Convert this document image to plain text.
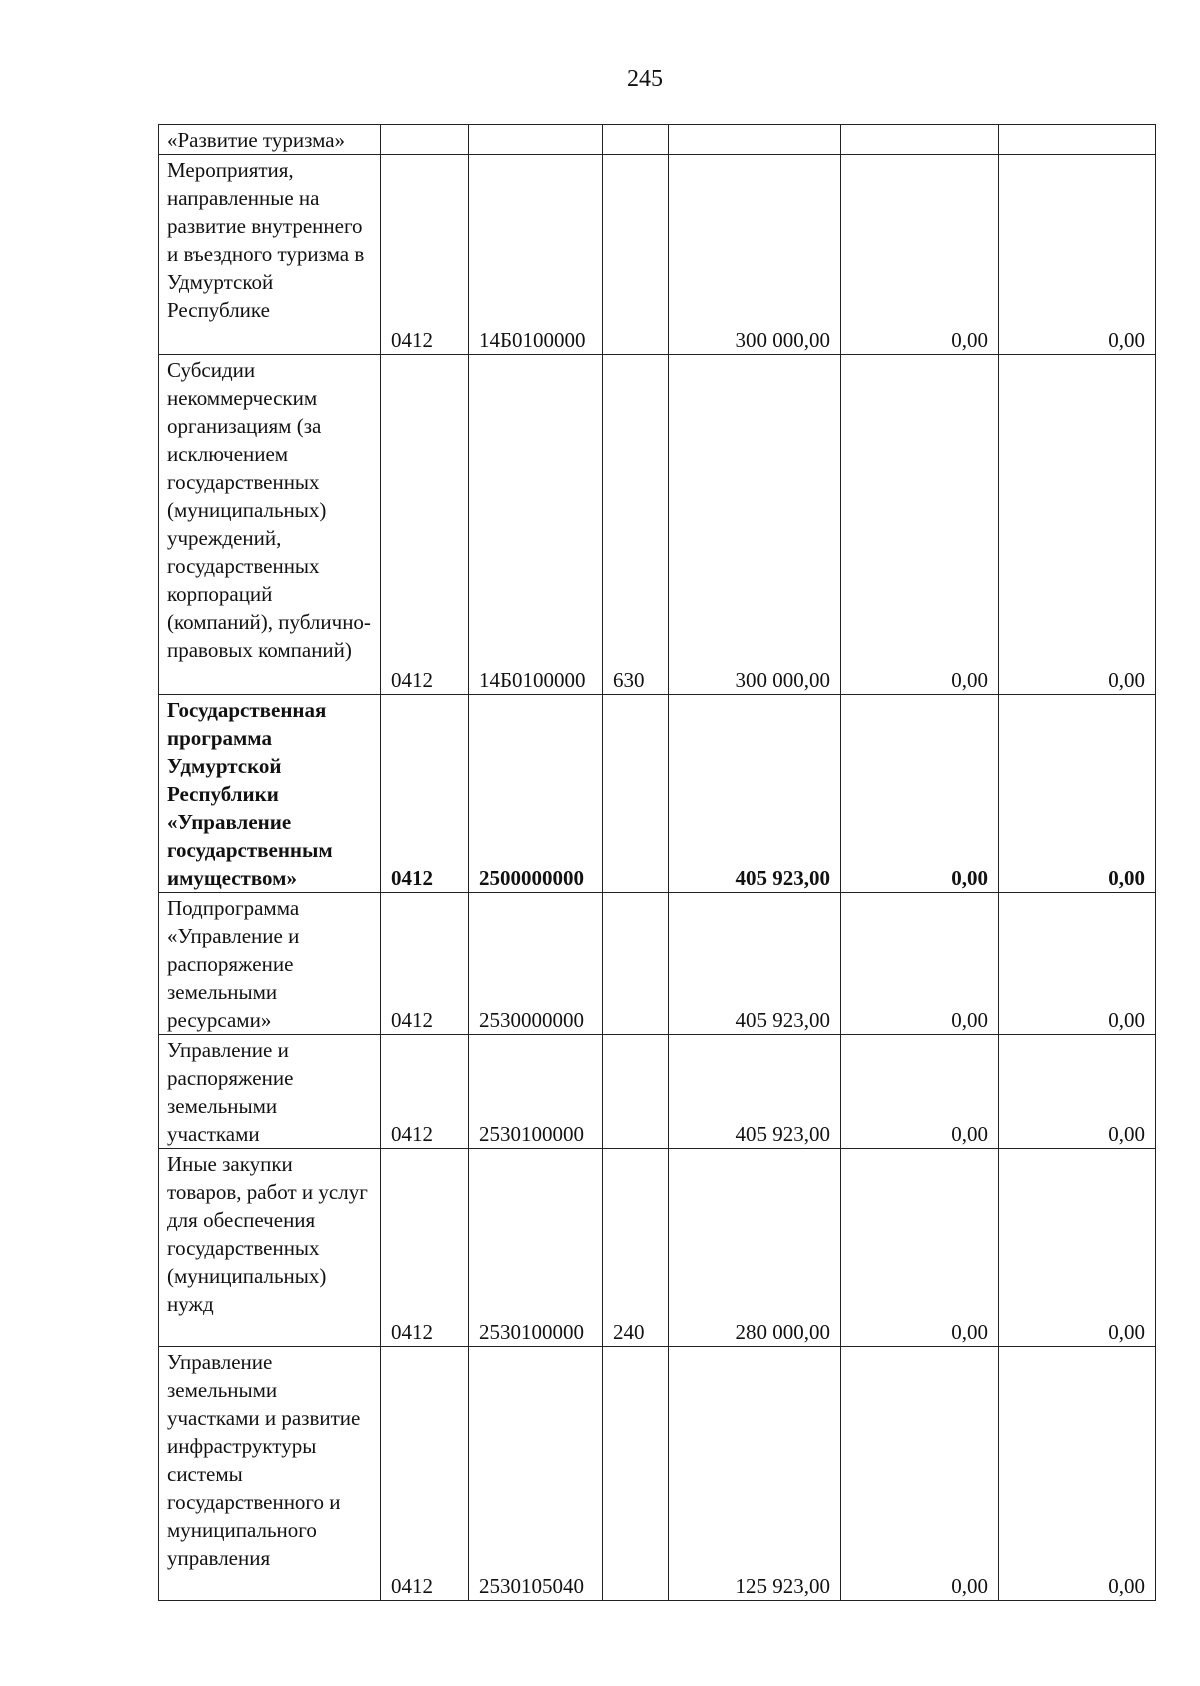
245
«Развитие туризма»						
Мероприятия, направленные на развитие внутреннего и въездного туризма в Удмуртской Республике	0412	14Б0100000		300 000,00	0,00	0,00
Субсидии некоммерческим организациям (за исключением государственных (муниципальных) учреждений, государственных корпораций (компаний), публично-правовых компаний)	0412	14Б0100000	630	300 000,00	0,00	0,00
Государственная программа Удмуртской Республики «Управление государственным имуществом»	0412	2500000000		405 923,00	0,00	0,00
Подпрограмма «Управление и распоряжение земельными ресурсами»	0412	2530000000		405 923,00	0,00	0,00
Управление и распоряжение земельными участками	0412	2530100000		405 923,00	0,00	0,00
Иные закупки товаров, работ и услуг для обеспечения государственных (муниципальных) нужд	0412	2530100000	240	280 000,00	0,00	0,00
Управление земельными участками и развитие инфраструктуры системы государственного и муниципального управления	0412	2530105040		125 923,00	0,00	0,00
